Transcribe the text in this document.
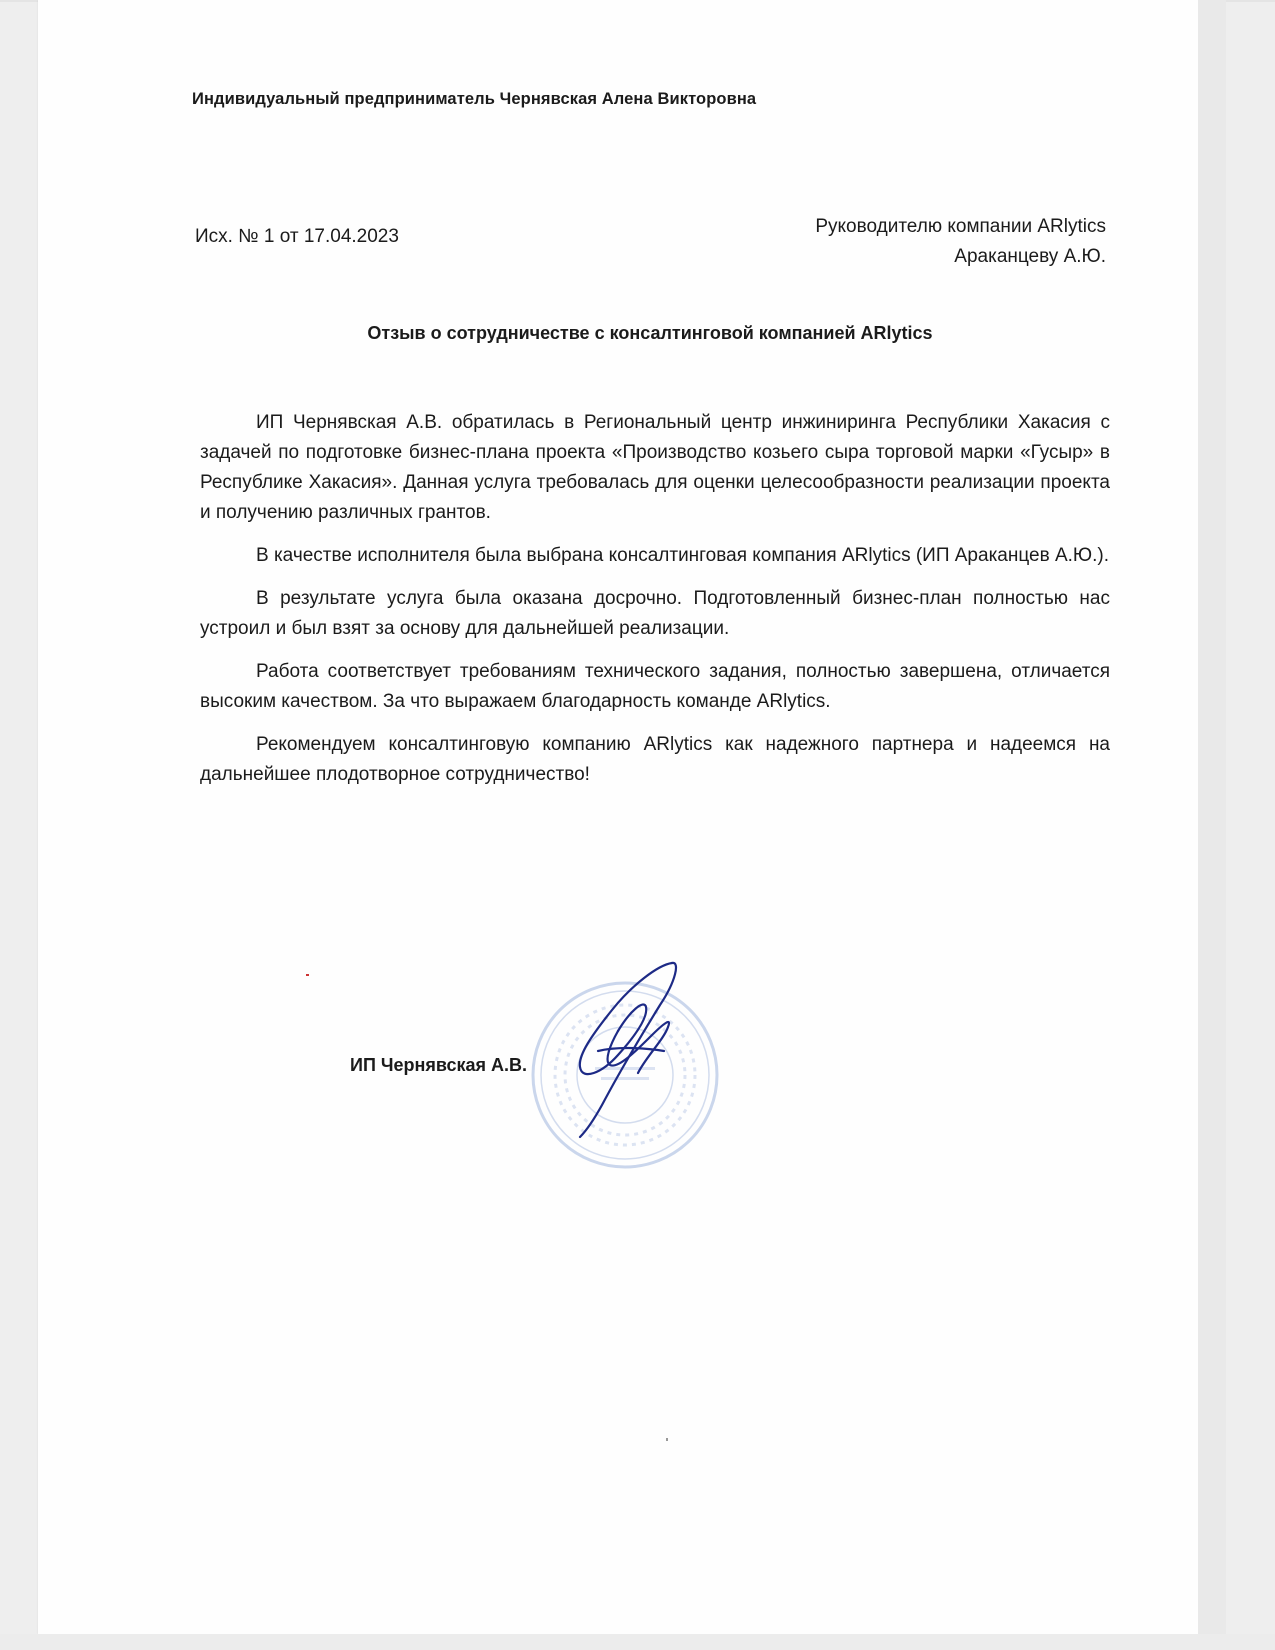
Индивидуальный предприниматель Чернявская Алена Викторовна
Исх. № 1 от 17.04.2023	Руководителю компании ARlytics
Араканцеву А.Ю.
Отзыв о сотрудничестве с консалтинговой компанией ARlytics

ИП Чернявская А.В. обратилась в Региональный центр инжиниринга Республики Хакасия с задачей по подготовке бизнес-плана проекта «Производство козьего сыра торговой марки «Гусыр» в Республике Хакасия». Данная услуга требовалась для оценки целесообразности реализации проекта и получению различных грантов.

В качестве исполнителя была выбрана консалтинговая компания ARlytics (ИП Араканцев А.Ю.).

В результате услуга была оказана досрочно. Подготовленный бизнес-план полностью нас устроил и был взят за основу для дальнейшей реализации.

Работа соответствует требованиям технического задания, полностью завершена, отличается высоким качеством. За что выражаем благодарность команде ARlytics.

Рекомендуем консалтинговую компанию ARlytics как надежного партнера и надеемся на дальнейшее плодотворное сотрудничество!

ИП Чернявская А.В.
